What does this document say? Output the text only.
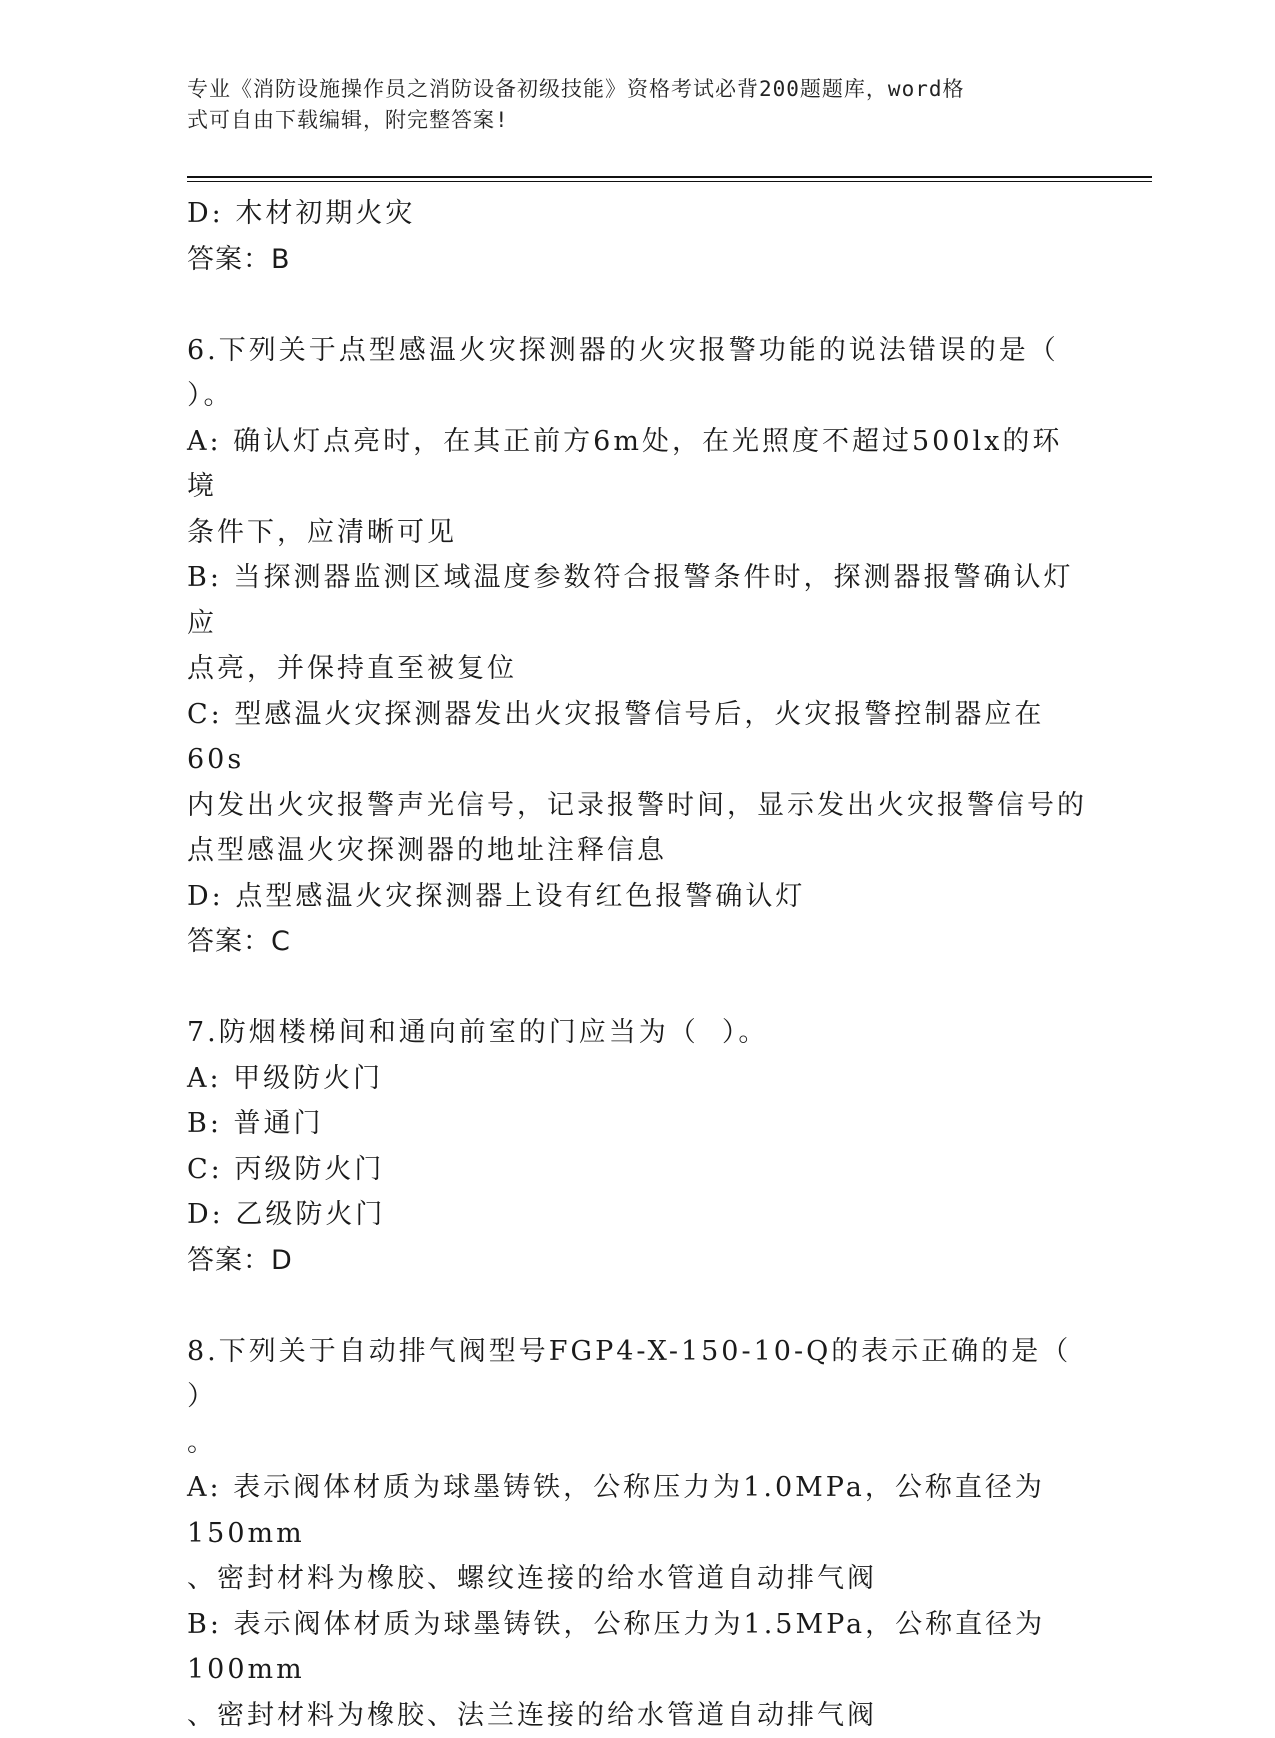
专业《消防设施操作员之消防设备初级技能》资格考试必背200题题库，word格
式可自由下载编辑，附完整答案!
D: 木材初期火灾
答案：B
6.下列关于点型感温火灾探测器的火灾报警功能的说法错误的是（
）。
A: 确认灯点亮时，在其正前方6m处，在光照度不超过500lx的环境
条件下，应清晰可见
B: 当探测器监测区域温度参数符合报警条件时，探测器报警确认灯应
点亮，并保持直至被复位
C: 型感温火灾探测器发出火灾报警信号后，火灾报警控制器应在60s
内发出火灾报警声光信号，记录报警时间，显示发出火灾报警信号的
点型感温火灾探测器的地址注释信息
D: 点型感温火灾探测器上设有红色报警确认灯
答案：C
7.防烟楼梯间和通向前室的门应当为（  ）。
A: 甲级防火门
B: 普通门
C: 丙级防火门
D: 乙级防火门
答案：D
8.下列关于自动排气阀型号FGP4-X-150-10-Q的表示正确的是（  ）
。
A: 表示阀体材质为球墨铸铁，公称压力为1.0MPa，公称直径为150mm
、密封材料为橡胶、螺纹连接的给水管道自动排气阀
B: 表示阀体材质为球墨铸铁，公称压力为1.5MPa，公称直径为100mm
、密封材料为橡胶、法兰连接的给水管道自动排气阀
